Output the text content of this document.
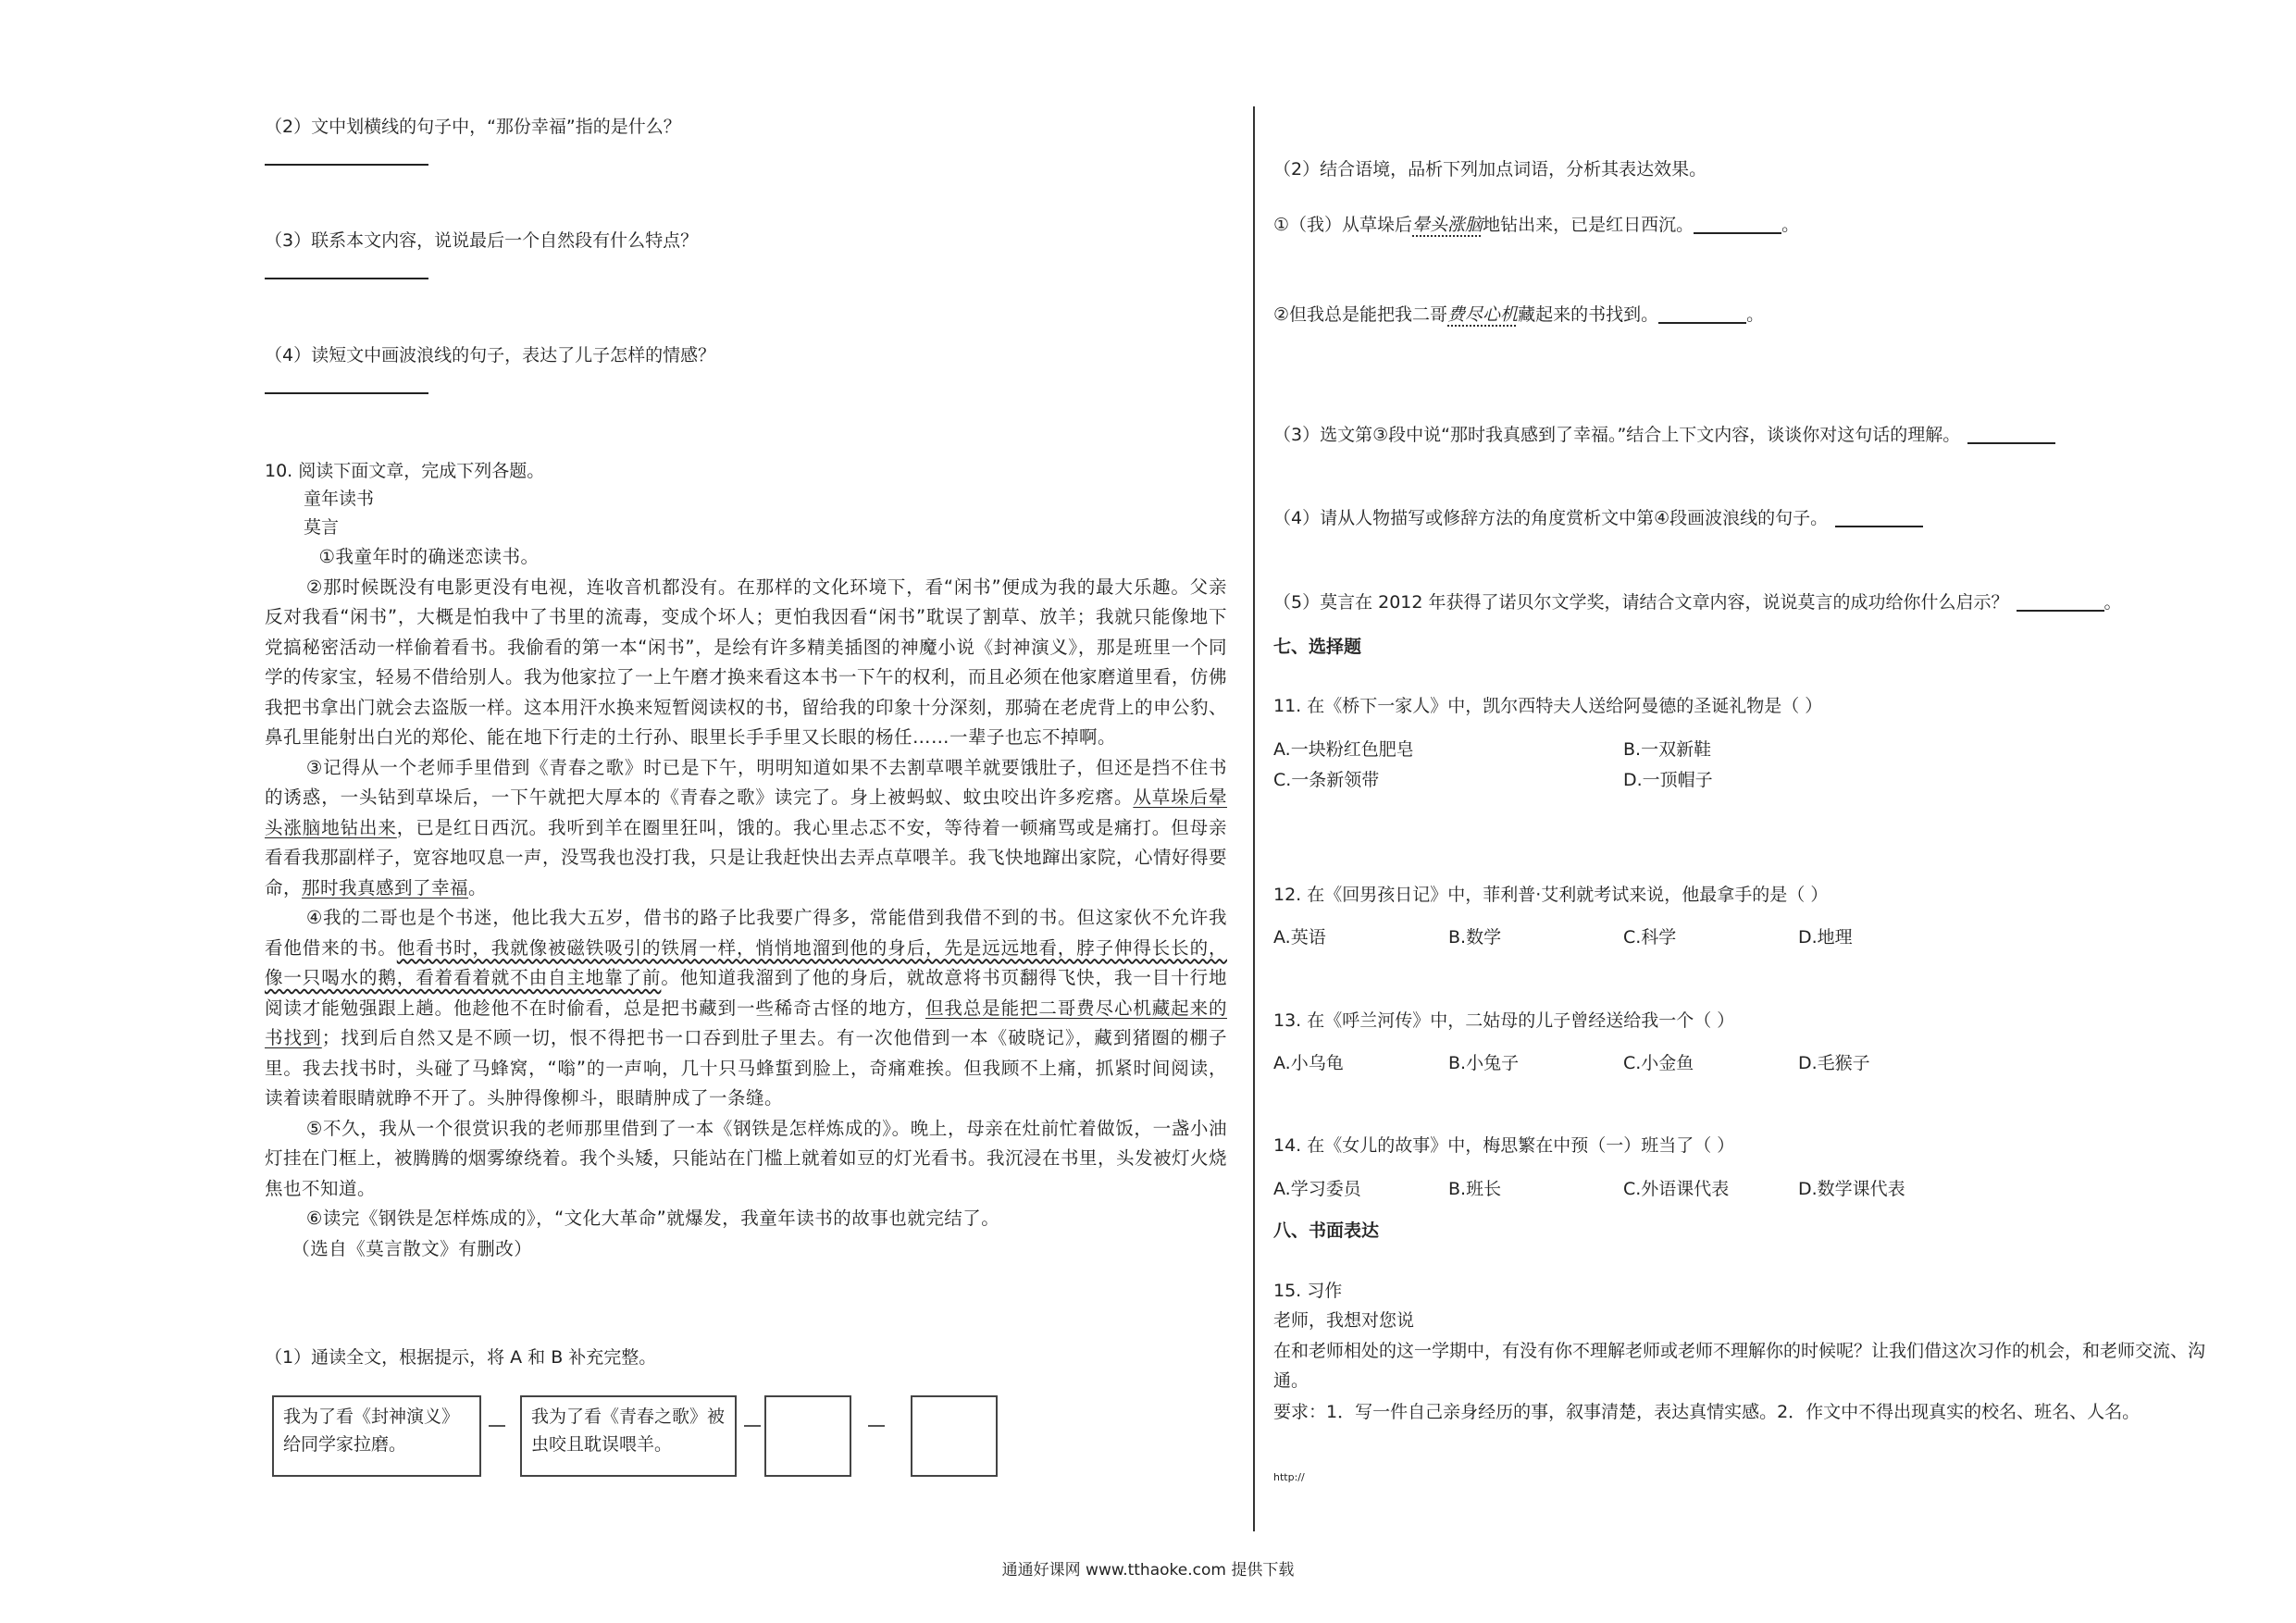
（2）文中划横线的句子中，“那份幸福”指的是什么？
（3）联系本文内容，说说最后一个自然段有什么特点？
（4）读短文中画波浪线的句子，表达了儿子怎样的情感？
10. 阅读下面文章，完成下列各题。
童年读书
莫言

①我童年时的确迷恋读书。

②那时候既没有电影更没有电视，连收音机都没有。在那样的文化环境下，看“闲书”便成为我的最大乐趣。父亲反对我看“闲书”，大概是怕我中了书里的流毒，变成个坏人；更怕我因看“闲书”耽误了割草、放羊；我就只能像地下党搞秘密活动一样偷着看书。我偷看的第一本“闲书”，是绘有许多精美插图的神魔小说《封神演义》，那是班里一个同学的传家宝，轻易不借给别人。我为他家拉了一上午磨才换来看这本书一下午的权利，而且必须在他家磨道里看，仿佛我把书拿出门就会去盗版一样。这本用汗水换来短暂阅读权的书，留给我的印象十分深刻，那骑在老虎背上的申公豹、鼻孔里能射出白光的郑伦、能在地下行走的土行孙、眼里长手手里又长眼的杨任……一辈子也忘不掉啊。

③记得从一个老师手里借到《青春之歌》时已是下午，明明知道如果不去割草喂羊就要饿肚子，但还是挡不住书的诱惑，一头钻到草垛后，一下午就把大厚本的《青春之歌》读完了。身上被蚂蚁、蚊虫咬出许多疙瘩。从草垛后晕头涨脑地钻出来，已是红日西沉。我听到羊在圈里狂叫，饿的。我心里忐忑不安，等待着一顿痛骂或是痛打。但母亲看看我那副样子，宽容地叹息一声，没骂我也没打我，只是让我赶快出去弄点草喂羊。我飞快地蹿出家院，心情好得要命，那时我真感到了幸福。

④我的二哥也是个书迷，他比我大五岁，借书的路子比我要广得多，常能借到我借不到的书。但这家伙不允许我看他借来的书。他看书时，我就像被磁铁吸引的铁屑一样，悄悄地溜到他的身后，先是远远地看，脖子伸得长长的，像一只喝水的鹅，看着看着就不由自主地靠了前。他知道我溜到了他的身后，就故意将书页翻得飞快，我一目十行地阅读才能勉强跟上趟。他趁他不在时偷看，总是把书藏到一些稀奇古怪的地方，但我总是能把二哥费尽心机藏起来的书找到；找到后自然又是不顾一切，恨不得把书一口吞到肚子里去。有一次他借到一本《破晓记》，藏到猪圈的棚子里。我去找书时，头碰了马蜂窝，“嗡”的一声响，几十只马蜂蜇到脸上，奇痛难挨。但我顾不上痛，抓紧时间阅读，读着读着眼睛就睁不开了。头肿得像柳斗，眼睛肿成了一条缝。

⑤不久，我从一个很赏识我的老师那里借到了一本《钢铁是怎样炼成的》。晚上，母亲在灶前忙着做饭，一盏小油灯挂在门框上，被腾腾的烟雾缭绕着。我个头矮，只能站在门槛上就着如豆的灯光看书。我沉浸在书里，头发被灯火烧焦也不知道。

⑥读完《钢铁是怎样炼成的》，“文化大革命”就爆发，我童年读书的故事也就完结了。

（选自《莫言散文》有删改）

（1）通读全文，根据提示，将 A 和 B 补充完整。
我为了看《封神演义》给同学家拉磨。
我为了看《青春之歌》被虫咬且耽误喂羊。
（2）结合语境，品析下列加点词语，分析其表达效果。
①（我）从草垛后晕头涨脑地钻出来，已是红日西沉。	。
②但我总是能把我二哥费尽心机藏起来的书找到。	。
（3）选文第③段中说“那时我真感到了幸福。”结合上下文内容，谈谈你对这句话的理解。
（4）请从人物描写或修辞方法的角度赏析文中第④段画波浪线的句子。
（5）莫言在 2012 年获得了诺贝尔文学奖，请结合文章内容，说说莫言的成功给你什么启示？	。
七、选择题
11. 在《桥下一家人》中，凯尔西特夫人送给阿曼德的圣诞礼物是（ ）
A.一块粉红色肥皂	B.一双新鞋
C.一条新领带	D.一顶帽子
12. 在《回男孩日记》中，菲利普·艾利就考试来说，他最拿手的是（ ）
A.英语	B.数学	C.科学	D.地理
13. 在《呼兰河传》中，二姑母的儿子曾经送给我一个（ ）
A.小乌龟	B.小兔子	C.小金鱼	D.毛猴子
14. 在《女儿的故事》中，梅思繁在中预（一）班当了（ ）
A.学习委员	B.班长	C.外语课代表	D.数学课代表
八、书面表达
15. 习作
老师，我想对您说
在和老师相处的这一学期中，有没有你不理解老师或老师不理解你的时候呢？让我们借这次习作的机会，和老师交流、沟通。
要求：1．写一件自己亲身经历的事，叙事清楚，表达真情实感。2．作文中不得出现真实的校名、班名、人名。
http://
通通好课网 www.tthaoke.com 提供下载
